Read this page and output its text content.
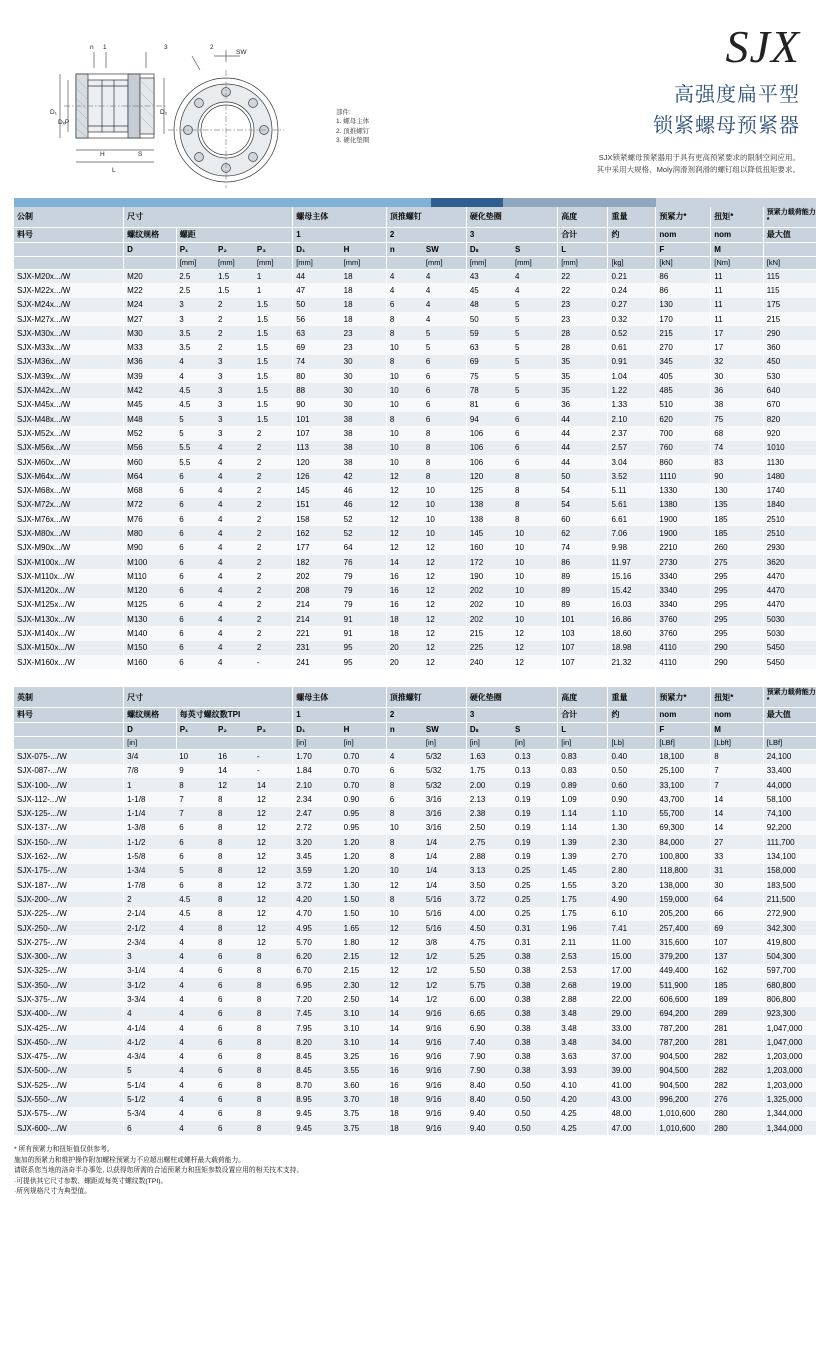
n 1	3	2
SW
D₁
DₓP
D₂
H	S
L
部件:
1. 螺母主体
2. 顶推螺钉
3. 硬化垫圈
SJX
高强度扁平型
锁紧螺母预紧器
SJX锁紧螺母预紧器用于具有更高预紧要求的限制空间应用。
其中采用大规格、Moly润滑剂润滑的螺钉组以降低扭矩要求。
公制	尺寸				螺母主体		顶推螺钉		硬化垫圈		高度	重量	预紧力*	扭矩*	预紧力载荷能力*
料号	螺纹规格	螺距			1		2		3		合计	约	nom	nom	最大值
	D	P₁	P₂	P₃	D₁	H	n	SW	Dₛ	S	L		F	M	
		[mm]	[mm]	[mm]	[mm]	[mm]		[mm]	[mm]	[mm]	[mm]	[kg]	[kN]	[Nm]	[kN]
SJX-M20x.../W	M20	2.5	1.5	1	44	18	4	4	43	4	22	0.21	86	11	115
SJX-M22x.../W	M22	2.5	1.5	1	47	18	4	4	45	4	22	0.24	86	11	115
SJX-M24x.../W	M24	3	2	1.5	50	18	6	4	48	5	23	0.27	130	11	175
SJX-M27x.../W	M27	3	2	1.5	56	18	8	4	50	5	23	0.32	170	11	215
SJX-M30x.../W	M30	3.5	2	1.5	63	23	8	5	59	5	28	0.52	215	17	290
SJX-M33x.../W	M33	3.5	2	1.5	69	23	10	5	63	5	28	0.61	270	17	360
SJX-M36x.../W	M36	4	3	1.5	74	30	8	6	69	5	35	0.91	345	32	450
SJX-M39x.../W	M39	4	3	1.5	80	30	10	6	75	5	35	1.04	405	30	530
SJX-M42x.../W	M42	4.5	3	1.5	88	30	10	6	78	5	35	1.22	485	36	640
SJX-M45x.../W	M45	4.5	3	1.5	90	30	10	6	81	6	36	1.33	510	38	670
SJX-M48x.../W	M48	5	3	1.5	101	38	8	6	94	6	44	2.10	620	75	820
SJX-M52x.../W	M52	5	3	2	107	38	10	8	106	6	44	2.37	700	68	920
SJX-M56x.../W	M56	5.5	4	2	113	38	10	8	106	6	44	2.57	760	74	1010
SJX-M60x.../W	M60	5.5	4	2	120	38	10	8	106	6	44	3.04	860	83	1130
SJX-M64x.../W	M64	6	4	2	126	42	12	8	120	8	50	3.52	1110	90	1480
SJX-M68x.../W	M68	6	4	2	145	46	12	10	125	8	54	5.11	1330	130	1740
SJX-M72x.../W	M72	6	4	2	151	46	12	10	138	8	54	5.61	1380	135	1840
SJX-M76x.../W	M76	6	4	2	158	52	12	10	138	8	60	6.61	1900	185	2510
SJX-M80x.../W	M80	6	4	2	162	52	12	10	145	10	62	7.06	1900	185	2510
SJX-M90x.../W	M90	6	4	2	177	64	12	12	160	10	74	9.98	2210	260	2930
SJX-M100x.../W	M100	6	4	2	182	76	14	12	172	10	86	11.97	2730	275	3620
SJX-M110x.../W	M110	6	4	2	202	79	16	12	190	10	89	15.16	3340	295	4470
SJX-M120x.../W	M120	6	4	2	208	79	16	12	202	10	89	15.42	3340	295	4470
SJX-M125x.../W	M125	6	4	2	214	79	16	12	202	10	89	16.03	3340	295	4470
SJX-M130x.../W	M130	6	4	2	214	91	18	12	202	10	101	16.86	3760	295	5030
SJX-M140x.../W	M140	6	4	2	221	91	18	12	215	12	103	18.60	3760	295	5030
SJX-M150x.../W	M150	6	4	2	231	95	20	12	225	12	107	18.98	4110	290	5450
SJX-M160x.../W	M160	6	4	-	241	95	20	12	240	12	107	21.32	4110	290	5450
英制	尺寸				螺母主体		顶推螺钉		硬化垫圈		高度	重量	预紧力*	扭矩*	预紧力载荷能力*
料号	螺纹规格	每英寸螺纹数TPI			1		2		3		合计	约	nom	nom	最大值
	D	P₁	P₂	P₃	D₁	H	n	SW	Dₛ	S	L		F	M	
	[in]				[in]	[in]		[in]	[in]	[in]	[in]	[Lb]	[LBf]	[Lbft]	[LBf]
SJX-075-.../W	3/4	10	16	-	1.70	0.70	4	5/32	1.63	0.13	0.83	0.40	18,100	8	24,100
SJX-087-.../W	7/8	9	14	-	1.84	0.70	6	5/32	1.75	0.13	0.83	0.50	25,100	7	33,400
SJX-100-.../W	1	8	12	14	2.10	0.70	8	5/32	2.00	0.19	0.89	0.60	33,100	7	44,000
SJX-112-.../W	1-1/8	7	8	12	2.34	0.90	6	3/16	2.13	0.19	1.09	0.90	43,700	14	58,100
SJX-125-.../W	1-1/4	7	8	12	2.47	0.95	8	3/16	2.38	0.19	1.14	1.10	55,700	14	74,100
SJX-137-.../W	1-3/8	6	8	12	2.72	0.95	10	3/16	2.50	0.19	1.14	1.30	69,300	14	92,200
SJX-150-.../W	1-1/2	6	8	12	3.20	1.20	8	1/4	2.75	0.19	1.39	2.30	84,000	27	111,700
SJX-162-.../W	1-5/8	6	8	12	3.45	1.20	8	1/4	2.88	0.19	1.39	2.70	100,800	33	134,100
SJX-175-.../W	1-3/4	5	8	12	3.59	1.20	10	1/4	3.13	0.25	1.45	2.80	118,800	31	158,000
SJX-187-.../W	1-7/8	6	8	12	3.72	1.30	12	1/4	3.50	0.25	1.55	3.20	138,000	30	183,500
SJX-200-.../W	2	4.5	8	12	4.20	1.50	8	5/16	3.72	0.25	1.75	4.90	159,000	64	211,500
SJX-225-.../W	2-1/4	4.5	8	12	4.70	1.50	10	5/16	4.00	0.25	1.75	6.10	205,200	66	272,900
SJX-250-.../W	2-1/2	4	8	12	4.95	1.65	12	5/16	4.50	0.31	1.96	7.41	257,400	69	342,300
SJX-275-.../W	2-3/4	4	8	12	5.70	1.80	12	3/8	4.75	0.31	2.11	11.00	315,600	107	419,800
SJX-300-.../W	3	4	6	8	6.20	2.15	12	1/2	5.25	0.38	2.53	15.00	379,200	137	504,300
SJX-325-.../W	3-1/4	4	6	8	6.70	2.15	12	1/2	5.50	0.38	2.53	17.00	449,400	162	597,700
SJX-350-.../W	3-1/2	4	6	8	6.95	2.30	12	1/2	5.75	0.38	2.68	19.00	511,900	185	680,800
SJX-375-.../W	3-3/4	4	6	8	7.20	2.50	14	1/2	6.00	0.38	2.88	22.00	606,600	189	806,800
SJX-400-.../W	4	4	6	8	7.45	3.10	14	9/16	6.65	0.38	3.48	29.00	694,200	289	923,300
SJX-425-.../W	4-1/4	4	6	8	7.95	3.10	14	9/16	6.90	0.38	3.48	33.00	787,200	281	1,047,000
SJX-450-.../W	4-1/2	4	6	8	8.20	3.10	14	9/16	7.40	0.38	3.48	34.00	787,200	281	1,047,000
SJX-475-.../W	4-3/4	4	6	8	8.45	3.25	16	9/16	7.90	0.38	3.63	37.00	904,500	282	1,203,000
SJX-500-.../W	5	4	6	8	8.45	3.55	16	9/16	7.90	0.38	3.93	39.00	904,500	282	1,203,000
SJX-525-.../W	5-1/4	4	6	8	8.70	3.60	16	9/16	8.40	0.50	4.10	41.00	904,500	282	1,203,000
SJX-550-.../W	5-1/2	4	6	8	8.95	3.70	18	9/16	8.40	0.50	4.20	43.00	996,200	276	1,325,000
SJX-575-.../W	5-3/4	4	6	8	9.45	3.75	18	9/16	9.40	0.50	4.25	48.00	1,010,600	280	1,344,000
SJX-600-.../W	6	4	6	8	9.45	3.75	18	9/16	9.40	0.50	4.25	47.00	1,010,600	280	1,344,000
* 所有预紧力和扭矩值仅供参考。
施加的预紧力和维护操作附加螺栓预紧力不应超出螺柱或螺杆最大载荷能力。
请联系您当地的洛奇半办事处, 以获得您所需的合适预紧力和扭矩参数设置应用的相关技术支持。
·可提供其它尺寸参数、螺距或每英寸螺纹数(TPI)。
·所列规格尺寸为典型值。
